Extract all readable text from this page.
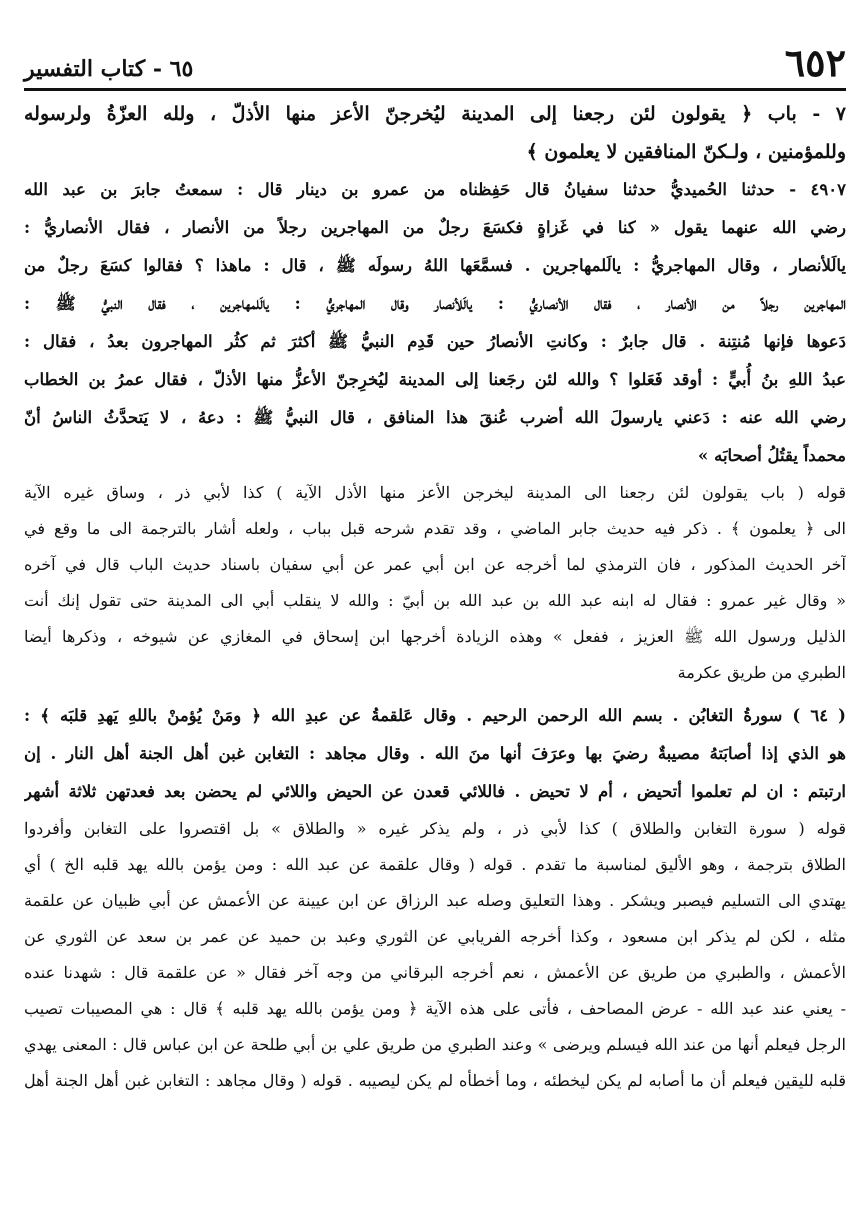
٦٥٢
٦٥ - كتاب التفسير
٧ - باب ﴿ يقولون لئن رجعنا إلى المدينة ليُخرجنّ الأعز منها الأذلّ ، ولله العزّةُ ولرسوله
وللمؤمنين ، ولـكنّ المنافقين لا يعلمون ﴾
٤٩٠٧ - حدثنا الحُميديُّ حدثنا سفيانُ قال حَفِظناه من عمرو بن دينار قال : سمعتُ جابرَ بن عبد الله
رضي الله عنهما يقول « كنا في غَزاةٍ فكسَعَ رجلٌ من المهاجرين رجلاً من الأنصار ، فقال الأنصاريُّ :
يالَلأنصار ، وقال المهاجريُّ : يالَلمهاجرين . فسمَّعَها اللهُ رسولَه ﷺ ، قال : ماهذا ؟ فقالوا كسَعَ رجلٌ من
المهاجرين رجلاً من الأنصار ، فقال الأنصاريُّ : يالَلأنصار وقال المهاجريُّ : يالَلمهاجرين ، فقال النبيُّ ﷺ :
دَعوها فإنها مُنتِنة . قال جابرٌ : وكانتِ الأنصارُ حين قَدِم النبيُّ ﷺ أكثرَ ثم كثُر المهاجرون بعدُ ، فقال :
عبدُ اللهِ بنُ أُبيٍّ : أوقد فَعَلوا ؟ والله لئن رجَعنا إلى المدينة ليُخرِجنّ الأعزُّ منها الأذلّ ، فقال عمرُ بن الخطاب
رضي الله عنه : دَعني يارسولَ الله أضرب عُنقَ هذا المنافق ، قال النبيُّ ﷺ : دعهُ ، لا يَتحدَّثُ الناسُ أنّ
محمداً يقتُلُ أصحابَه »
قوله ( باب يقولون لئن رجعنا الى المدينة ليخرجن الأعز منها الأذل الآية ) كذا لأبي ذر ، وساق غيره الآية
الى ﴿ يعلمون ﴾ . ذكر فيه حديث جابر الماضي ، وقد تقدم شرحه قبل بباب ، ولعله أشار بالترجمة الى ما وقع في
آخر الحديث المذكور ، فان الترمذي لما أخرجه عن ابن أبي عمر عن أبي سفيان باسناد حديث الباب قال في آخره
« وقال غير عمرو : فقال له ابنه عبد الله بن عبد الله بن أبيّ : والله لا ينقلب أبي الى المدينة حتى تقول إنك أنت
الذليل ورسول الله ﷺ العزيز ، ففعل » وهذه الزيادة أخرجها ابن إسحاق في المغازي عن شيوخه ، وذكرها أيضا
الطبري من طريق عكرمة
( ٦٤ ) سورةُ التغابُن . بسم الله الرحمن الرحيم . وقال عَلقمةُ عن عبدِ الله ﴿ ومَنْ يُؤمنْ باللهِ يَهدِ قلبَه ﴾ :
هو الذي إذا أصابَتهُ مصيبةٌ رضيَ بها وعرَفَ أنها منَ الله . وقال مجاهد : التغابن غبن أهل الجنة أهل النار . إن
ارتبتم : ان لم تعلموا أتحيض ، أم لا تحيض . فاللائي قعدن عن الحيض واللائي لم يحضن بعد فعدتهن ثلاثة أشهر
قوله ( سورة التغابن والطلاق ) كذا لأبي ذر ، ولم يذكر غيره « والطلاق » بل اقتصروا على التغابن وأفردوا
الطلاق بترجمة ، وهو الأليق لمناسبة ما تقدم . قوله ( وقال علقمة عن عبد الله : ومن يؤمن بالله يهد قلبه الخ ) أي
يهتدي الى التسليم فيصبر ويشكر . وهذا التعليق وصله عبد الرزاق عن ابن عيينة عن الأعمش عن أبي ظبيان عن علقمة
مثله ، لكن لم يذكر ابن مسعود ، وكذا أخرجه الفريابي عن الثوري وعبد بن حميد عن عمر بن سعد عن الثوري عن
الأعمش ، والطبري من طريق عن الأعمش ، نعم أخرجه البرقاني من وجه آخر فقال « عن علقمة قال : شهدنا عنده
- يعني عند عبد الله - عرض المصاحف ، فأتى على هذه الآية ﴿ ومن يؤمن بالله يهد قلبه ﴾ قال : هي المصيبات تصيب
الرجل فيعلم أنها من عند الله فيسلم ويرضى » وعند الطبري من طريق علي بن أبي طلحة عن ابن عباس قال : المعنى يهدي
قلبه لليقين فيعلم أن ما أصابه لم يكن ليخطئه ، وما أخطأه لم يكن ليصيبه . قوله ( وقال مجاهد : التغابن غبن أهل الجنة أهل
